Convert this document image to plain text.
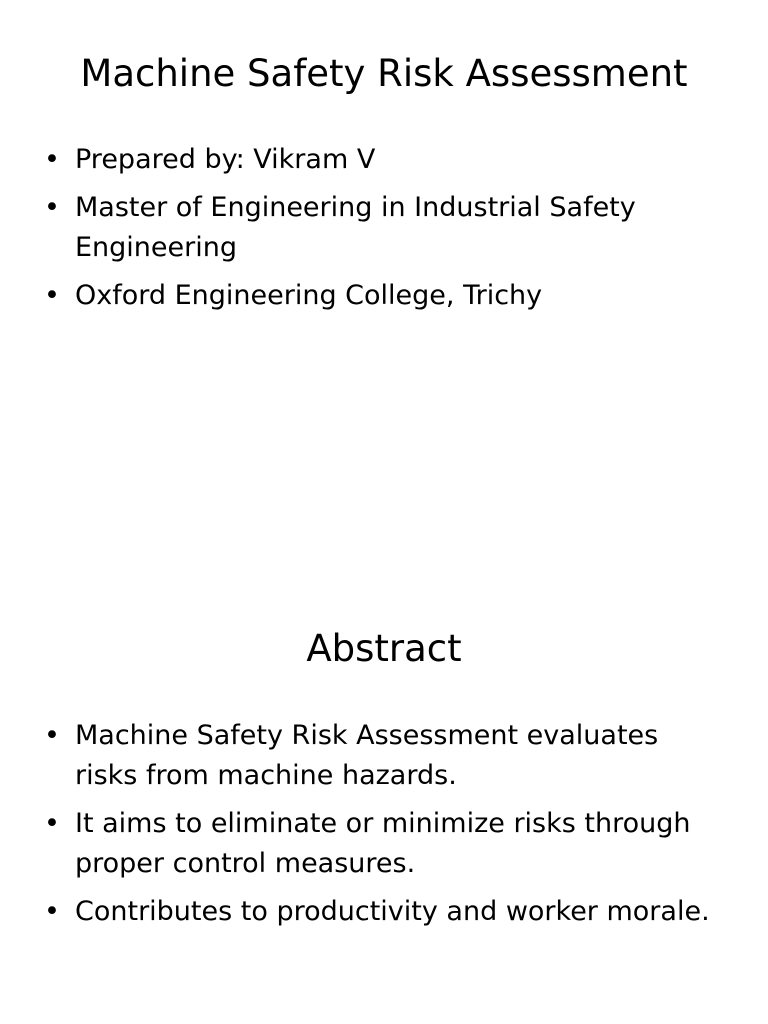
Machine Safety Risk Assessment
• Prepared by: Vikram V
• Master of Engineering in Industrial Safety Engineering
• Oxford Engineering College, Trichy
Abstract
• Machine Safety Risk Assessment evaluates risks from machine hazards.
• It aims to eliminate or minimize risks through proper control measures.
• Contributes to productivity and worker morale.
